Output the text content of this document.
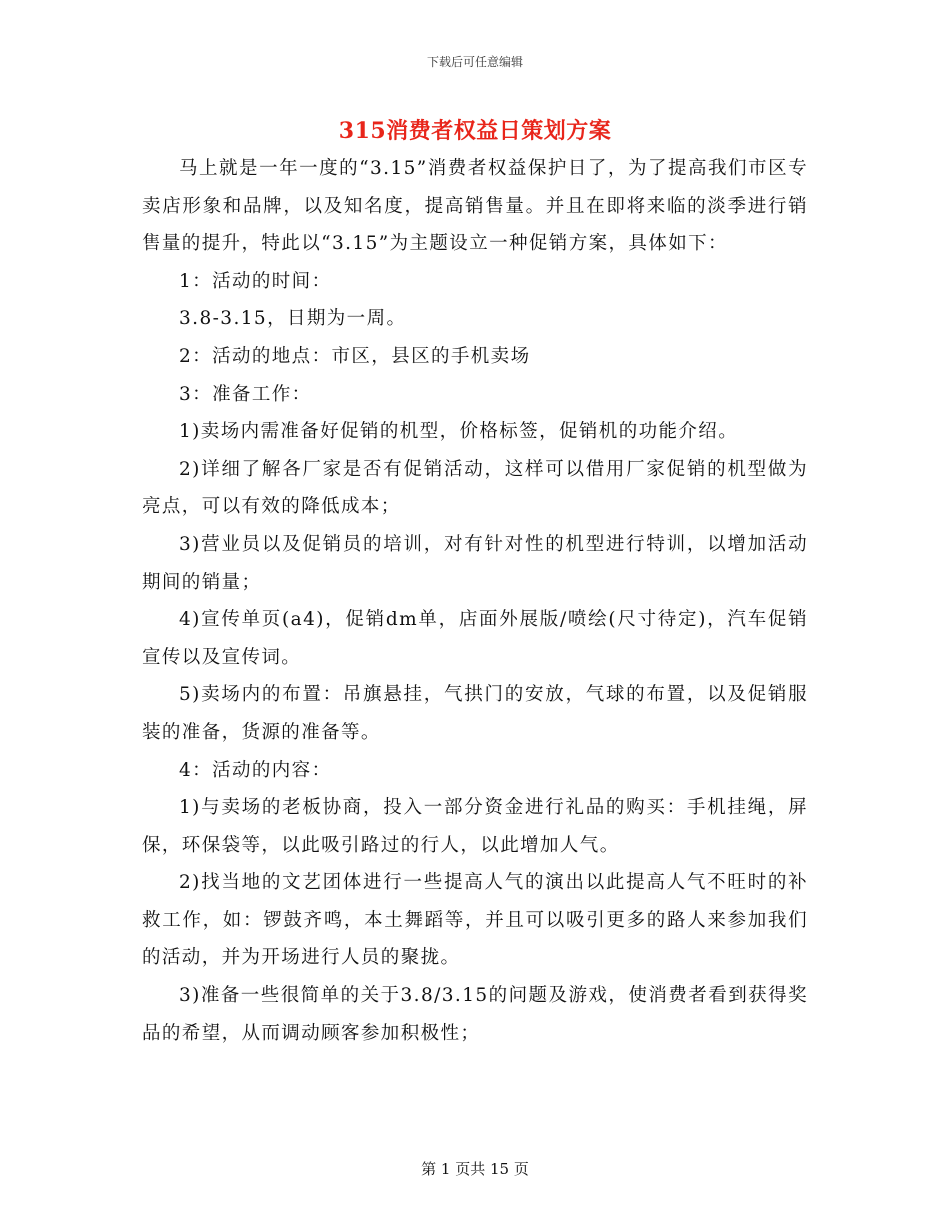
下载后可任意编辑
315消费者权益日策划方案

马上就是一年一度的“3.15”消费者权益保护日了，为了提高我们市区专卖店形象和品牌，以及知名度，提高销售量。并且在即将来临的淡季进行销售量的提升，特此以“3.15”为主题设立一种促销方案，具体如下：

1：活动的时间：

3.8-3.15，日期为一周。

2：活动的地点：市区，县区的手机卖场

3：准备工作：

1)卖场内需准备好促销的机型，价格标签，促销机的功能介绍。

2)详细了解各厂家是否有促销活动，这样可以借用厂家促销的机型做为亮点，可以有效的降低成本；

3)营业员以及促销员的培训，对有针对性的机型进行特训，以增加活动期间的销量；

4)宣传单页(a4)，促销dm单，店面外展版/喷绘(尺寸待定)，汽车促销宣传以及宣传词。

5)卖场内的布置：吊旗悬挂，气拱门的安放，气球的布置，以及促销服装的准备，货源的准备等。

4：活动的内容：

1)与卖场的老板协商，投入一部分资金进行礼品的购买：手机挂绳，屏保，环保袋等，以此吸引路过的行人，以此增加人气。

2)找当地的文艺团体进行一些提高人气的演出以此提高人气不旺时的补救工作，如：锣鼓齐鸣，本土舞蹈等，并且可以吸引更多的路人来参加我们的活动，并为开场进行人员的聚拢。

3)准备一些很简单的关于3.8/3.15的问题及游戏，使消费者看到获得奖品的希望，从而调动顾客参加积极性；

第 1 页共 15 页
